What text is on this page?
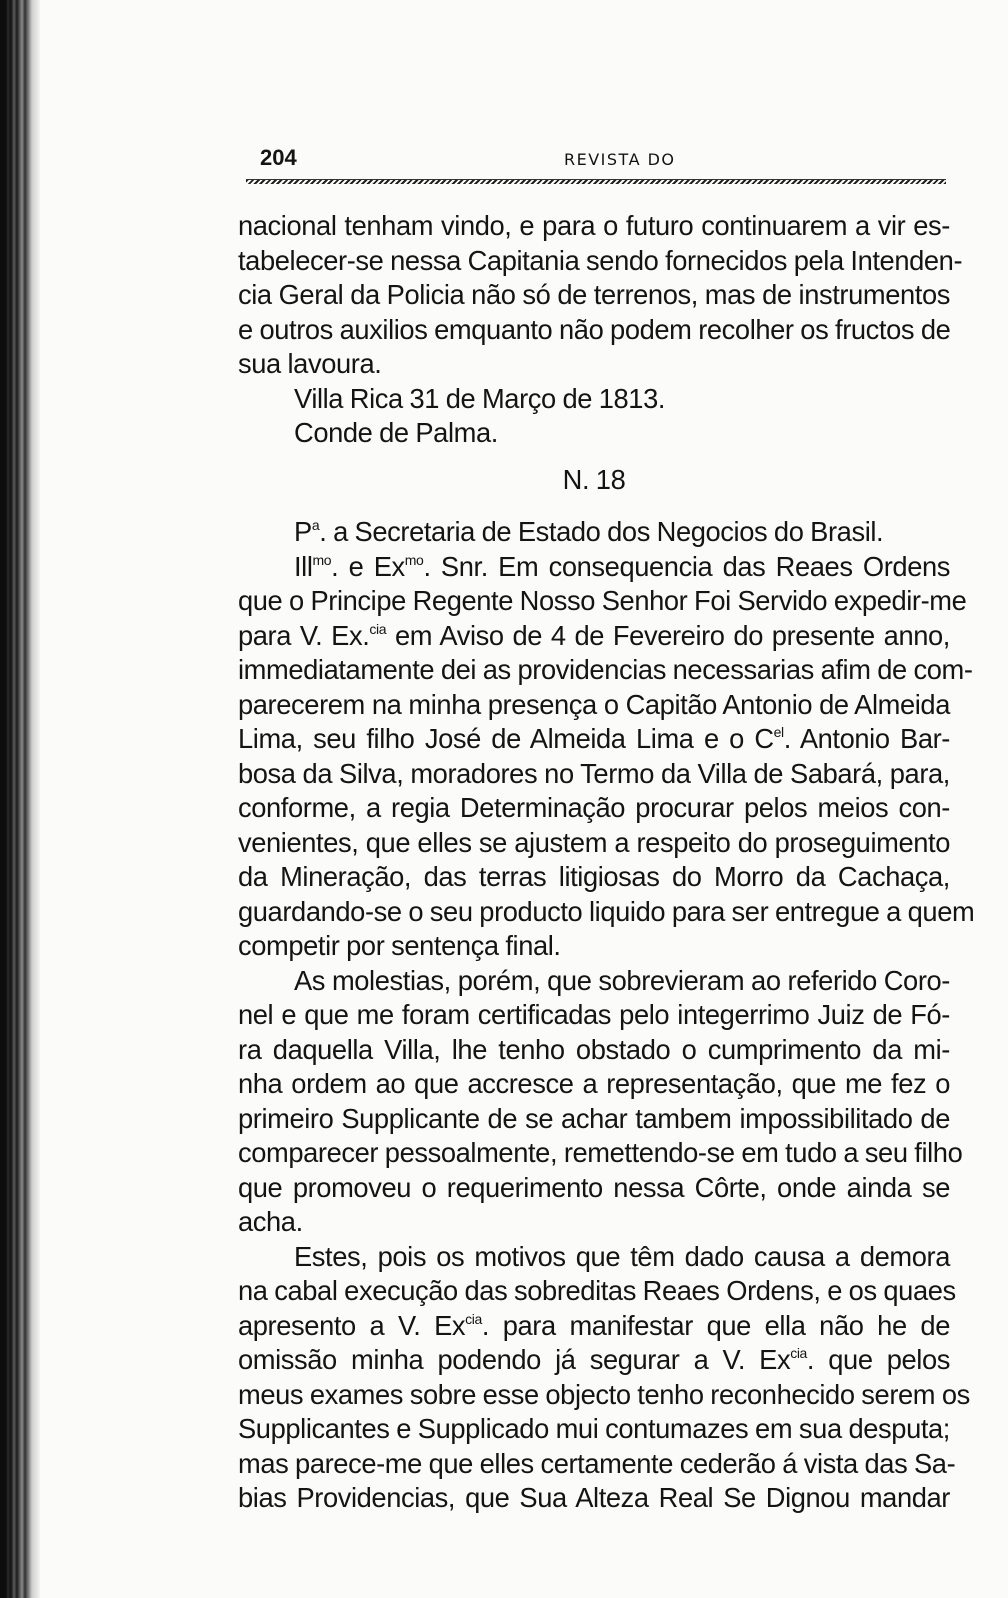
204	REVISTA DO
nacional tenham vindo, e para o futuro continuarem a vir es-
tabelecer-se nessa Capitania sendo fornecidos pela Intenden-
cia Geral da Policia não só de terrenos, mas de instrumentos
e outros auxilios emquanto não podem recolher os fructos de
sua lavoura.
Villa Rica 31 de Março de 1813.
Conde de Palma.
N. 18
$P^a$. a Secretaria de Estado dos Negocios do Brasil.
Ill$^{mo}$. e $Ex^{mo}$. Snr. Em consequencia das Reaes Ordens
que o Principe Regente Nosso Senhor Foi Servido expedir-me
para V. Ex.$^{cia}$ em Aviso de 4 de Fevereiro do presente anno,
immediatamente dei as providencias necessarias afim de com-
parecerem na minha presença o Capitão Antonio de Almeida
Lima, seu filho José de Almeida Lima e o $C^{el}$. Antonio Bar-
bosa da Silva, moradores no Termo da Villa de Sabará, para,
conforme, a regia Determinação procurar pelos meios con-
venientes, que elles se ajustem a respeito do proseguimento
da Mineração, das terras litigiosas do Morro da Cachaça,
guardando-se o seu producto liquido para ser entregue a quem
competir por sentença final.
As molestias, porém, que sobrevieram ao referido Coro-
nel e que me foram certificadas pelo integerrimo Juiz de Fó-
ra daquella Villa, lhe tenho obstado o cumprimento da mi-
nha ordem ao que accresce a representação, que me fez o
primeiro Supplicante de se achar tambem impossibilitado de
comparecer pessoalmente, remettendo-se em tudo a seu filho
que promoveu o requerimento nessa Côrte, onde ainda se
acha.
Estes, pois os motivos que têm dado causa a demora
na cabal execução das sobreditas Reaes Ordens, e os quaes
apresento a V. $Ex^{cia}$. para manifestar que ella não he de
omissão minha podendo já segurar a V. $Ex^{cia}$. que pelos
meus exames sobre esse objecto tenho reconhecido serem os
Supplicantes e Supplicado mui contumazes em sua desputa;
mas parece-me que elles certamente cederão á vista das Sa-
bias Providencias, que Sua Alteza Real Se Dignou mandar
